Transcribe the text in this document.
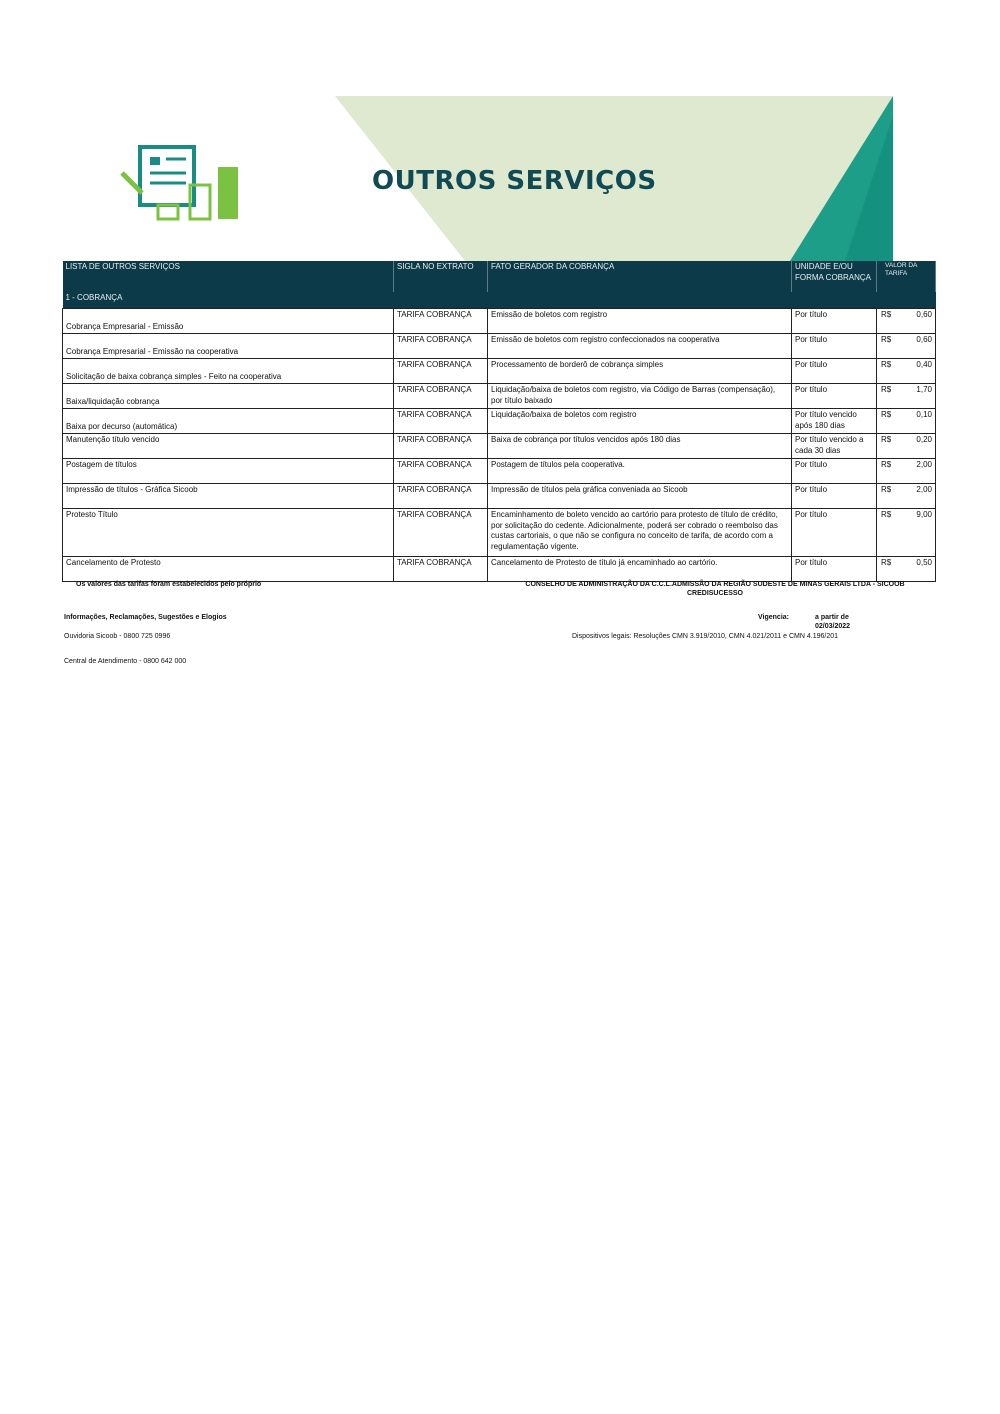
OUTROS SERVIÇOS
LISTA DE OUTROS SERVIÇOS	SIGLA NO EXTRATO	FATO GERADOR DA COBRANÇA	UNIDADE E/OU FORMA COBRANÇA	VALOR DA TARIFA
1 - COBRANÇA				
Cobrança Empresarial - Emissão	TARIFA COBRANÇA	Emissão de boletos com registro	Por título	R$ 0,60

Cobrança Empresarial - Emissão na cooperativa	TARIFA COBRANÇA	Emissão de boletos com registro confeccionados na cooperativa	Por título	R$ 0,60

Solicitação de baixa cobrança simples - Feito na cooperativa	TARIFA COBRANÇA	Processamento de borderô de cobrança simples	Por título	R$ 0,40

Baixa/liquidação cobrança	TARIFA COBRANÇA	Liquidação/baixa de boletos com registro, via Código de Barras (compensação), por título baixado	Por título	R$ 1,70

Baixa por decurso (automática)	TARIFA COBRANÇA	Liquidação/baixa de boletos com registro	Por título vencido após 180 dias	R$ 0,10

Manutenção título vencido	TARIFA COBRANÇA	Baixa de cobrança por títulos vencidos após 180 dias	Por título vencido a cada 30 dias	R$ 0,20

Postagem de títulos	TARIFA COBRANÇA	Postagem de títulos pela cooperativa.	Por título	R$ 2,00

Impressão de títulos - Gráfica Sicoob	TARIFA COBRANÇA	Impressão de títulos pela gráfica conveniada ao Sicoob	Por título	R$ 2,00

Protesto Título	TARIFA COBRANÇA	Encaminhamento de boleto vencido ao cartório para protesto de título de crédito, por solicitação do cedente. Adicionalmente, poderá ser cobrado o reembolso das custas cartoriais, o que não se configura no conceito de tarifa, de acordo com a regulamentação vigente.	Por título	R$ 9,00

Cancelamento de Protesto	TARIFA COBRANÇA	Cancelamento de Protesto de título já encaminhado ao cartório.	Por título	R$ 0,50
Os valores das tarifas foram estabelecidos pelo próprio	CONSELHO DE ADMINISTRAÇÃO DA C.C.L.ADMISSÃO DA REGIÃO SUDESTE DE MINAS GERAIS LTDA - SICOOB CREDISUCESSO
Informações, Reclamações, Sugestões e Elogios	Vigencia:	a partir de 02/03/2022
Ouvidoria Sicoob - 0800 725 0996	Dispositivos legais: Resoluções CMN 3.919/2010, CMN 4.021/2011 e CMN 4.196/201
Central de Atendimento - 0800 642 000
